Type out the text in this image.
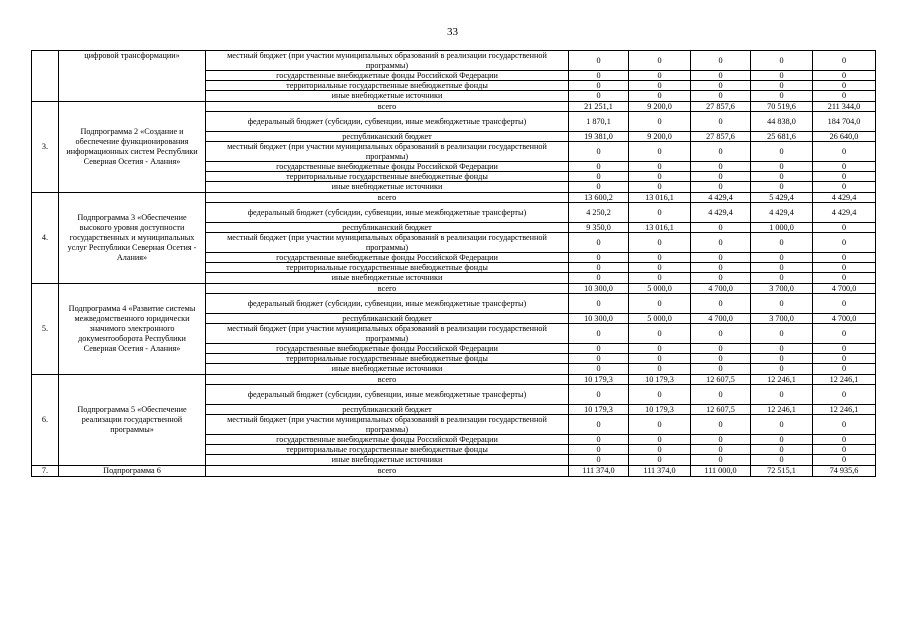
33
	цифровой трансформации»	местный бюджет (при участии муниципальных образований в реализации государственной программы)	0	0	0	0	0
		государственные внебюджетные фонды Российской Федерации	0	0	0	0	0
		территориальные государственные внебюджетные фонды	0	0	0	0	0
		иные внебюджетные источники	0	0	0	0	0
3.	Подпрограмма 2 «Создание и обеспечение функционирования информационных систем Республики Северная Осетия - Алания»	всего	21 251,1	9 200,0	27 857,6	70 519,6	211 344,0
		федеральный бюджет (субсидии, субвенции, иные межбюджетные трансферты)	1 870,1	0	0	44 838,0	184 704,0
		республиканский бюджет	19 381,0	9 200,0	27 857,6	25 681,6	26 640,0
		местный бюджет (при участии муниципальных образований в реализации государственной программы)	0	0	0	0	0
		государственные внебюджетные фонды Российской Федерации	0	0	0	0	0
		территориальные государственные внебюджетные фонды	0	0	0	0	0
		иные внебюджетные источники	0	0	0	0	0
4.	Подпрограмма 3 «Обеспечение высокого уровня доступности государственных и муниципальных услуг Республики Северная Осетия - Алания»	всего	13 600,2	13 016,1	4 429,4	5 429,4	4 429,4
		федеральный бюджет (субсидии, субвенции, иные межбюджетные трансферты)	4 250,2	0	4 429,4	4 429,4	4 429,4
		республиканский бюджет	9 350,0	13 016,1	0	1 000,0	0
		местный бюджет (при участии муниципальных образований в реализации государственной программы)	0	0	0	0	0
		государственные внебюджетные фонды Российской Федерации	0	0	0	0	0
		территориальные государственные внебюджетные фонды	0	0	0	0	0
		иные внебюджетные источники	0	0	0	0	0
5.	Подпрограмма 4 «Развитие системы межведомственного юридически значимого электронного документооборота Республики Северная Осетия - Алания»	всего	10 300,0	5 000,0	4 700,0	3 700,0	4 700,0
		федеральный бюджет (субсидии, субвенции, иные межбюджетные трансферты)	0	0	0	0	0
		республиканский бюджет	10 300,0	5 000,0	4 700,0	3 700,0	4 700,0
		местный бюджет (при участии муниципальных образований в реализации государственной программы)	0	0	0	0	0
		государственные внебюджетные фонды Российской Федерации	0	0	0	0	0
		территориальные государственные внебюджетные фонды	0	0	0	0	0
		иные внебюджетные источники	0	0	0	0	0
6.	Подпрограмма 5 «Обеспечение реализации государственной программы»	всего	10 179,3	10 179,3	12 607,5	12 246,1	12 246,1
		федеральный бюджет (субсидии, субвенции, иные межбюджетные трансферты)	0	0	0	0	0
		республиканский бюджет	10 179,3	10 179,3	12 607,5	12 246,1	12 246,1
		местный бюджет (при участии муниципальных образований в реализации государственной программы)	0	0	0	0	0
		государственные внебюджетные фонды Российской Федерации	0	0	0	0	0
		территориальные государственные внебюджетные фонды	0	0	0	0	0
		иные внебюджетные источники	0	0	0	0	0
7.	Подпрограмма 6	всего	111 374,0	111 374,0	111 000,0	72 515,1	74 935,6
